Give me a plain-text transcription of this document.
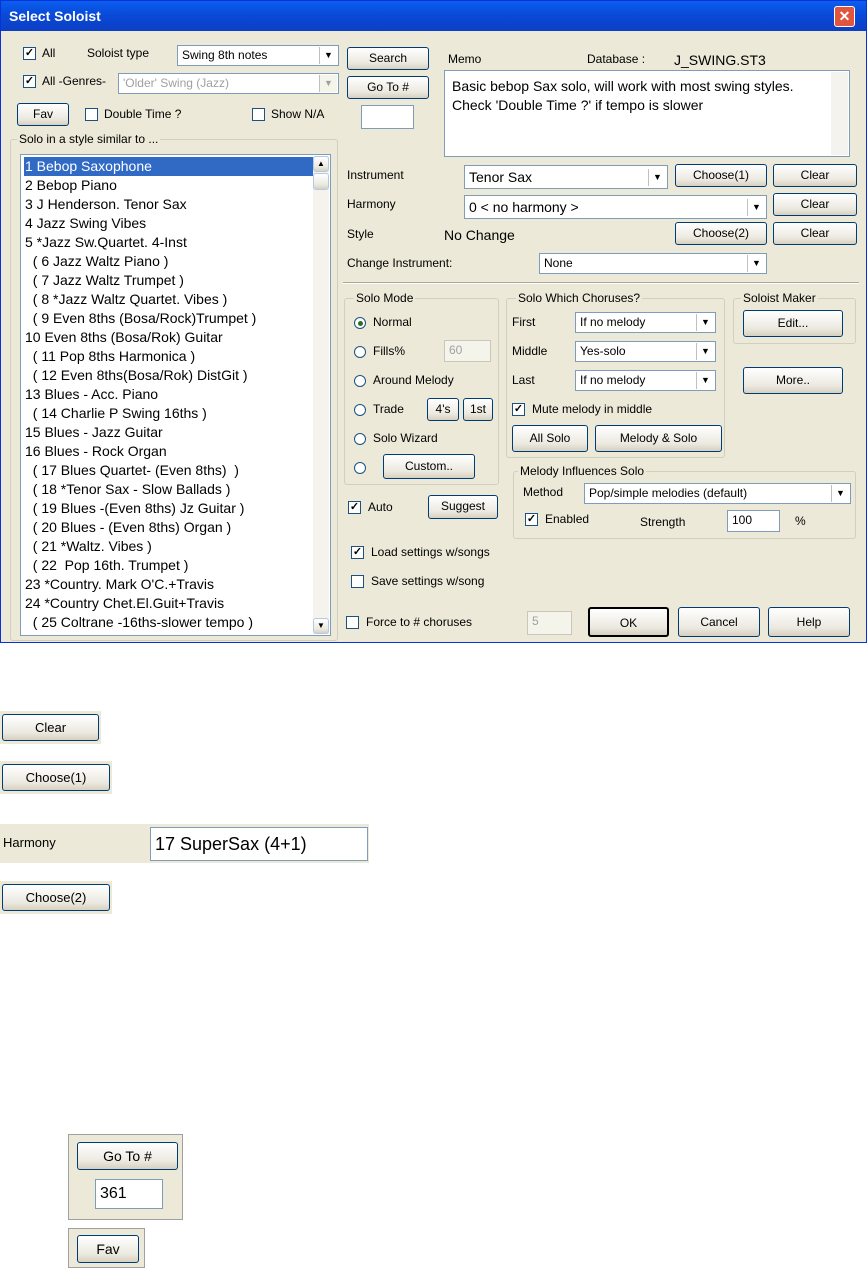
Select Soloist	✕
✓ All	Soloist type	Swing 8th notes	▼
✓ All -Genres-	'Older' Swing (Jazz)	▼
Fav	Double Time ?	Show N/A
Solo in a style similar to ...
1 Bebop Saxophone
2 Bebop Piano
3 J Henderson. Tenor Sax
4 Jazz Swing Vibes
5 *Jazz Sw.Quartet. 4-Inst
( 6 Jazz Waltz Piano )
( 7 Jazz Waltz Trumpet )
( 8 *Jazz Waltz Quartet. Vibes )
( 9 Even 8ths (Bosa/Rock)Trumpet )
10 Even 8ths (Bosa/Rok) Guitar
( 11 Pop 8ths Harmonica )
( 12 Even 8ths(Bosa/Rok) DistGit )
13 Blues - Acc. Piano
( 14 Charlie P Swing 16ths )
15 Blues - Jazz Guitar
16 Blues - Rock Organ
( 17 Blues Quartet- (Even 8ths)  )
( 18 *Tenor Sax - Slow Ballads )
( 19 Blues -(Even 8ths) Jz Guitar )
( 20 Blues - (Even 8ths) Organ )
( 21 *Waltz. Vibes )
( 22  Pop 16th. Trumpet )
23 *Country. Mark O'C.+Travis
24 *Country Chet.El.Guit+Travis
( 25 Coltrane -16ths-slower tempo )
▲
▼
Search
Go To #
Memo	Database : J_SWING.ST3
Basic bebop Sax solo, will work with most swing styles. Check 'Double Time ?' if tempo is slower
Instrument	Tenor Sax	▼	Choose(1)	Clear
Harmony	0 < no harmony >	▼	Clear
Style	No Change	Choose(2)	Clear
Change Instrument:	None	▼
Solo Mode
Normal
Fills%	60
Around Melody
Trade	4's	1st
Solo Wizard
Custom..
✓ Auto	Suggest
Solo Which Choruses?
First	If no melody	▼
Middle	Yes-solo	▼
Last	If no melody	▼
✓ Mute melody in middle
All Solo	Melody & Solo
Soloist Maker
Edit...
More..
Melody Influences Solo
Method	Pop/simple melodies (default)	▼
✓ Enabled	Strength	100	%
✓ Load settings w/songs
Save settings w/song
Force to # choruses	5	OK	Cancel	Help
Clear
Choose(1)
Harmony	17 SuperSax (4+1)
Choose(2)
Go To #
361
Fav
